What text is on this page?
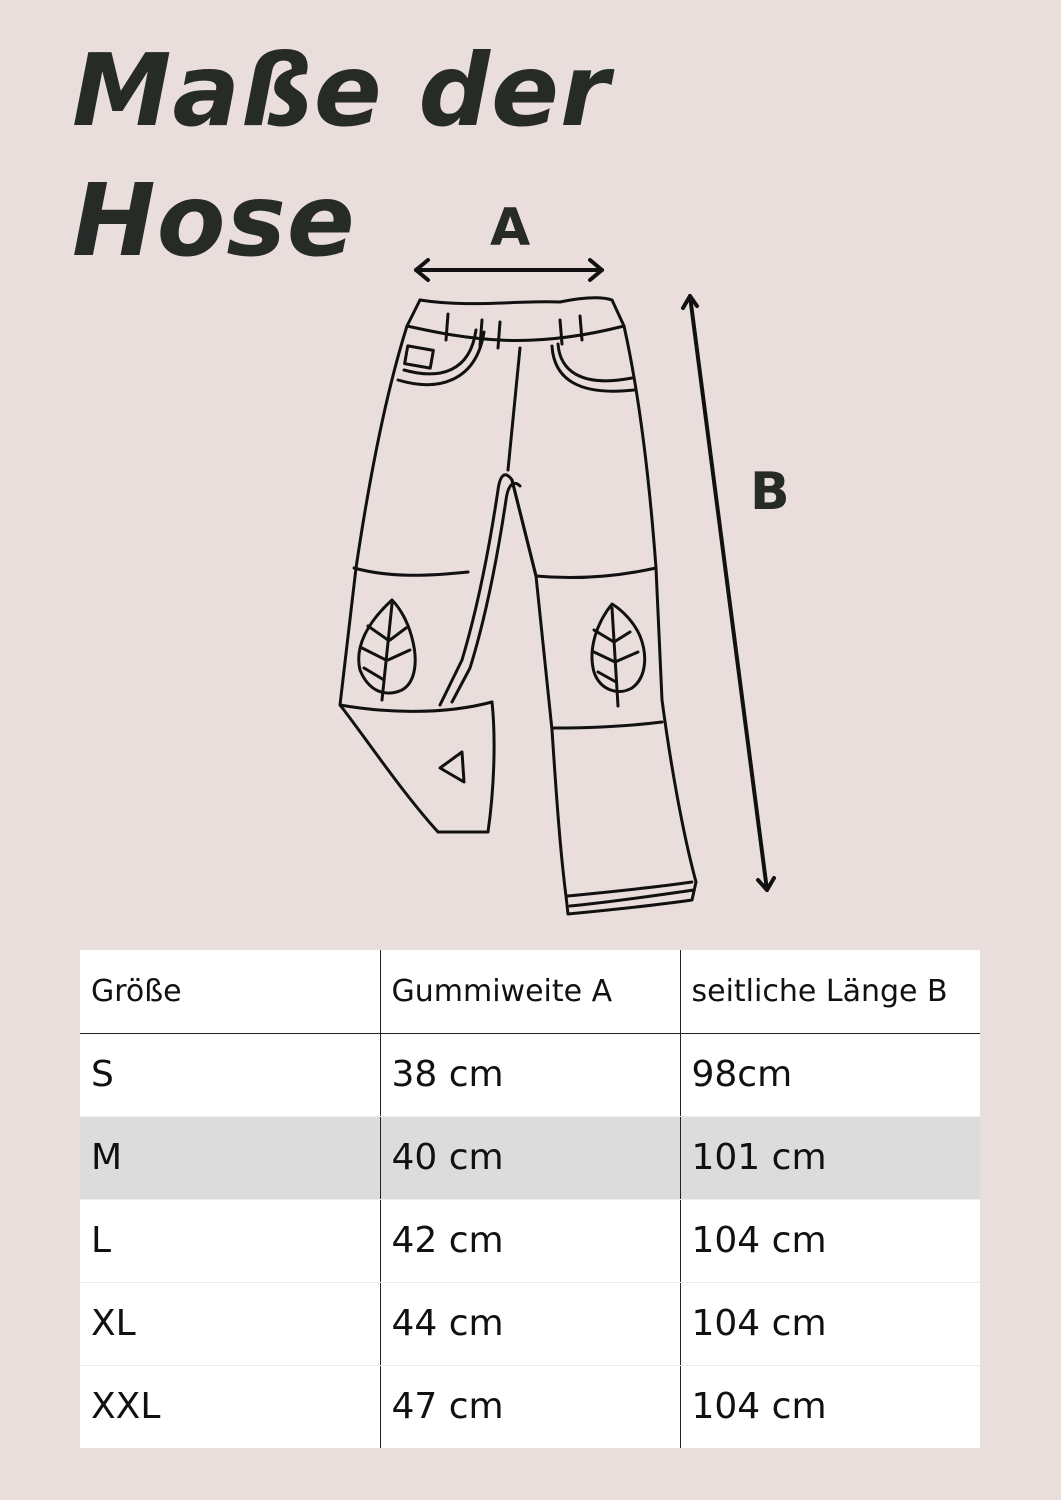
Maße der
Hose	A
B
Größe	Gummiweite A	seitliche Länge B
S	38 cm	98cm
M	40 cm	101 cm
L	42 cm	104 cm
XL	44 cm	104 cm
XXL	47 cm	104 cm
